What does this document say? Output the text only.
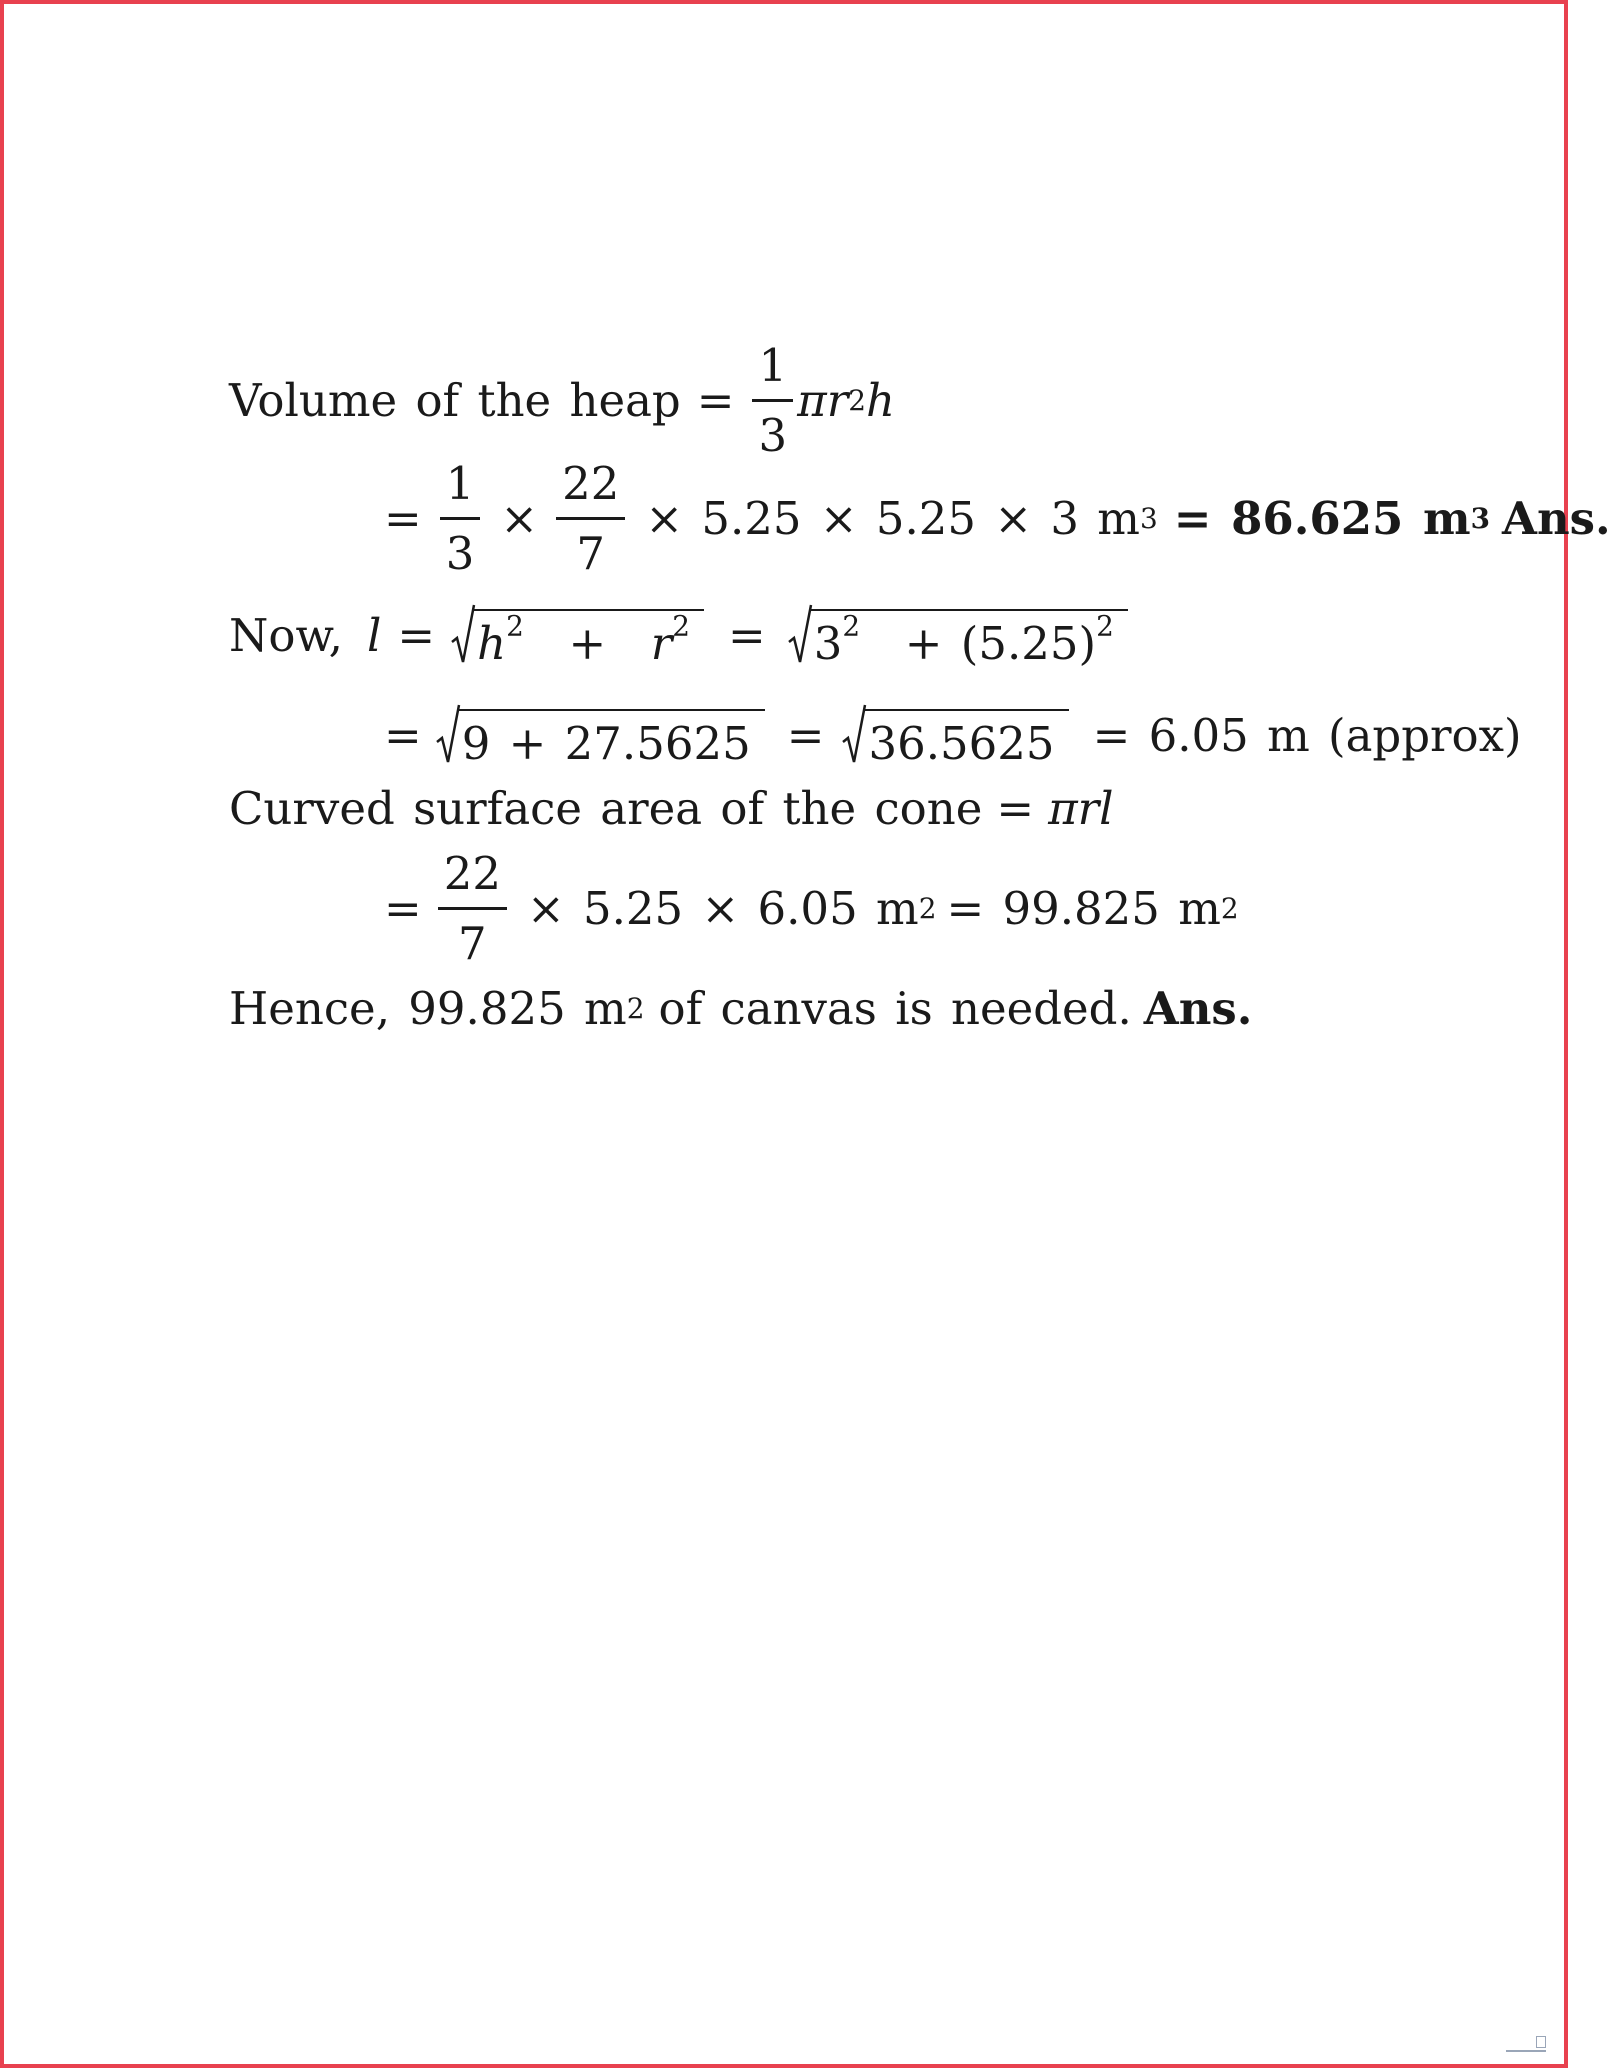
Volume of the heap = $\frac{1}{3}$ π r 2 h
= $\frac{1}{3} \times \frac{22}{7} \times 5.25 \times 5.25 \times 3$ m 3 = 86.625 m 3 Ans.
Now, $l = h^2 + r^2 = 3^2 + (5.25)^2$
= 9 + 27.5625 = 36.5625 = 6.05 m (approx)
Curved surface area of the cone = πrl
= $\frac{22}{7} \times 5.25 \times 6.05$ m 2 = 99.825 m 2
Hence, 99.825 m 2 of canvas is needed. Ans.
